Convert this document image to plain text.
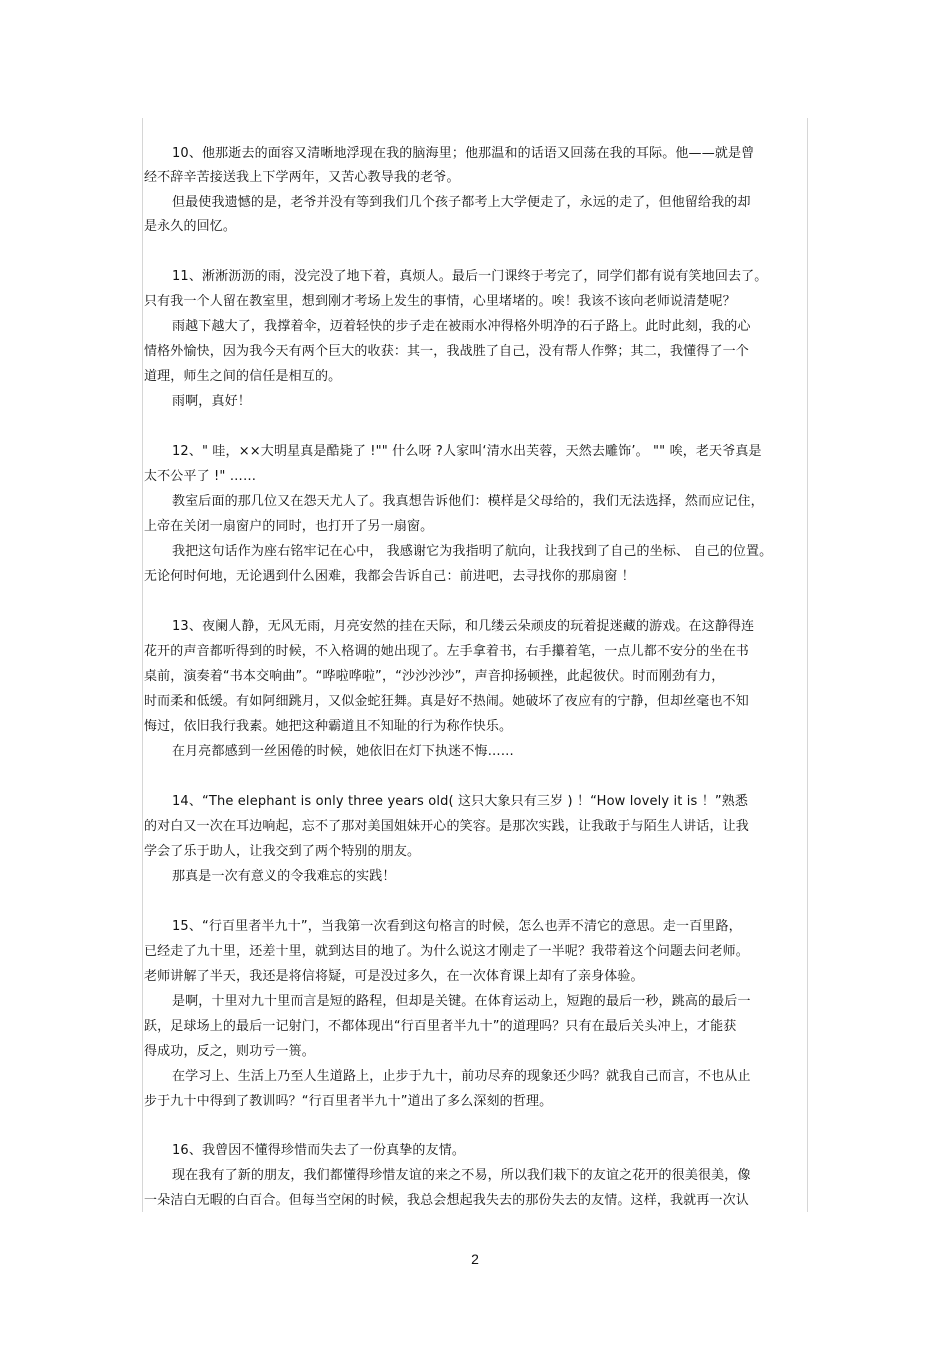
10、他那逝去的面容又清晰地浮现在我的脑海里；他那温和的话语又回荡在我的耳际。他——就是曾
经不辞辛苦接送我上下学两年，又苦心教导我的老爷。
但最使我遗憾的是，老爷并没有等到我们几个孩子都考上大学便走了，永远的走了，但他留给我的却
是永久的回忆。
11、淅淅沥沥的雨，没完没了地下着，真烦人。最后一门课终于考完了，同学们都有说有笑地回去了。
只有我一个人留在教室里，想到刚才考场上发生的事情，心里堵堵的。唉！我该不该向老师说清楚呢？
雨越下越大了，我撑着伞，迈着轻快的步子走在被雨水冲得格外明净的石子路上。此时此刻，我的心
情格外愉快，因为我今天有两个巨大的收获：其一，我战胜了自己，没有帮人作弊；其二，我懂得了一个
道理，师生之间的信任是相互的。
雨啊，真好！
12、" 哇，××大明星真是酷毙了 !"" 什么呀 ?人家叫‘清水出芙蓉，天然去雕饰’。 "" 唉，老天爷真是
太不公平了 !" ……
教室后面的那几位又在怨天尤人了。我真想告诉他们：模样是父母给的，我们无法选择，然而应记住，
上帝在关闭一扇窗户的同时，也打开了另一扇窗。
我把这句话作为座右铭牢记在心中， 我感谢它为我指明了航向，让我找到了自己的坐标、 自己的位置。
无论何时何地，无论遇到什么困难，我都会告诉自己：前进吧，去寻找你的那扇窗 ！
13、夜阑人静，无风无雨，月亮安然的挂在天际，和几缕云朵顽皮的玩着捉迷藏的游戏。在这静得连
花开的声音都听得到的时候，不入格调的她出现了。左手拿着书，右手攥着笔，一点儿都不安分的坐在书
桌前，演奏着“书本交响曲”。“哗啦哗啦”，“沙沙沙沙”，声音抑扬顿挫，此起彼伏。时而刚劲有力，
时而柔和低缓。有如阿细跳月，又似金蛇狂舞。真是好不热闹。她破坏了夜应有的宁静，但却丝毫也不知
悔过，依旧我行我素。她把这种霸道且不知耻的行为称作快乐。
在月亮都感到一丝困倦的时候，她依旧在灯下执迷不悔……
14、“The elephant is only three years old( 这只大象只有三岁 ) ！“How lovely it is ！”熟悉
的对白又一次在耳边响起，忘不了那对美国姐妹开心的笑容。是那次实践，让我敢于与陌生人讲话，让我
学会了乐于助人，让我交到了两个特别的朋友。
那真是一次有意义的令我难忘的实践！
15、“行百里者半九十”，当我第一次看到这句格言的时候，怎么也弄不清它的意思。走一百里路，
已经走了九十里，还差十里，就到达目的地了。为什么说这才刚走了一半呢？我带着这个问题去问老师。
老师讲解了半天，我还是将信将疑，可是没过多久，在一次体育课上却有了亲身体验。
是啊，十里对九十里而言是短的路程，但却是关键。在体育运动上，短跑的最后一秒，跳高的最后一
跃，足球场上的最后一记射门，不都体现出“行百里者半九十”的道理吗？只有在最后关头冲上，才能获
得成功，反之，则功亏一篑。
在学习上、生活上乃至人生道路上，止步于九十，前功尽弃的现象还少吗？就我自己而言，不也从止
步于九十中得到了教训吗？“行百里者半九十”道出了多么深刻的哲理。
16、我曾因不懂得珍惜而失去了一份真挚的友情。
现在我有了新的朋友，我们都懂得珍惜友谊的来之不易，所以我们栽下的友谊之花开的很美很美，像
一朵洁白无暇的白百合。但每当空闲的时候，我总会想起我失去的那份失去的友情。这样，我就再一次认
2
